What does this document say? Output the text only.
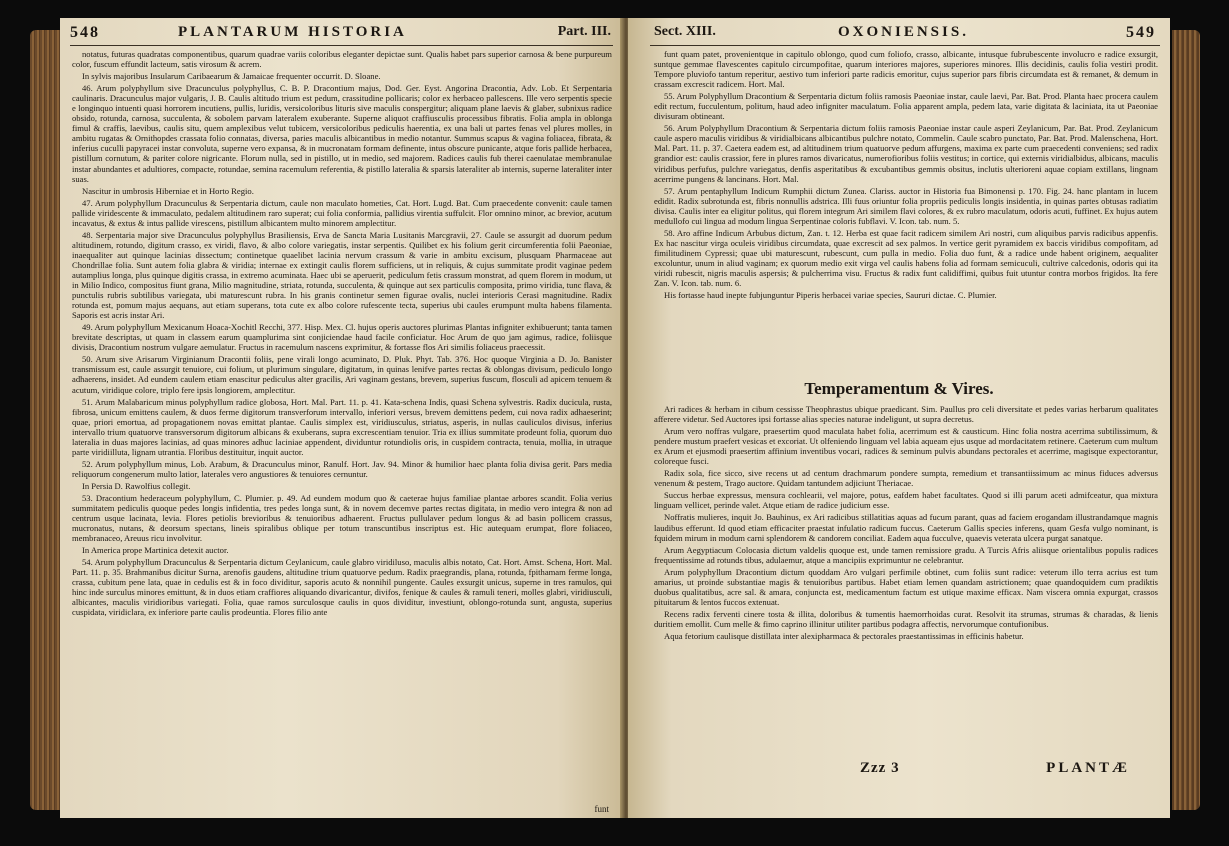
548	PLANTARUM HISTORIA	Part. III.

notatus, futuras quadratas componentibus, quarum quadrae variis coloribus eleganter depictae sunt. Qualis habet pars superior carnosa & bene purpureum color, fuscum effundit lacteum, satis virosum & acrem.

In sylvis majoribus Insularum Caribaearum & Jamaicae frequenter occurrit. D. Sloane.

46. Arum polyphyllum sive Dracunculus polyphyllus, C. B. P. Dracontium majus, Dod. Ger. Eyst. Angorina Dracontia, Adv. Lob. Et Serpentaria caulinaris. Dracunculus major vulgaris, J. B. Caulis altitudo trium est pedum, crassitudine pollicaris; color ex herbaceo pallescens. Ille vero serpentis specie e longinquo intuenti quasi horrorem incutiens, pullis, luridis, versicoloribus lituris sive maculis conspergitur; aliquam plane laevis & glaber, subnixus radice obsido, rotunda, carnosa, succulenta, & sobolem parvam lateralem exuberante. Superne aliquot craffiusculis processibus fibratis. Folia ampla in oblonga fimul & craffis, laevibus, caulis situ, quem amplexibus velut tubicem, versicoloribus pediculis haerentia, ex una bali ut partes fenas vel plures molles, in ambitu rugatas & Ornithopdes crassata folio connatas, diversa, paries maculis albicantibus in medio notantur. Summus scapus & vagina foliacea, fibrata, & inferius cuculli papyracei instar convoluta, superne vero expansa, & in mucronatam formam definente, intus obscure punicante, atque foris pallide herbacea, pistillum cornutum, & pariter colore nigricante. Florum nulla, sed in pistillo, ut in medio, sed majorem. Radices caulis fub therei caenulatae membranulae instar abundantes et adultiores, compacte, rotundae, semina racemulum referentia, & pistillo lateralia & sparsis lateraliter ab internis, superne lateraliter inter suas.

Nascitur in umbrosis Hiberniae et in Horto Regio.

47. Arum polyphyllum Dracunculus & Serpentaria dictum, caule non maculato hometies, Cat. Hort. Lugd. Bat. Cum praecedente convenit: caule tamen pallide viridescente & immaculato, pedalem altitudinem raro superat; cui folia conformia, pallidius virentia suffulcit. Flor omnino minor, ac brevior, acutum incavatus, & extus & intus pallide virescens, pistillum albicantem multo minorem amplectitur.

48. Serpentaria major sive Dracunculus polyphyllus Brasiliensis, Erva de Sancta Maria Lusitanis Marcgravii, 27. Caule se assurgit ad duorum pedum altitudinem, rotundo, digitum crasso, ex viridi, flavo, & albo colore variegatis, instar serpentis. Quilibet ex his folium gerit circumferentia folii Paeoniae, inaequaliter aut quinque lacinias dissectum; continetque quaelibet lacinia nervum crassum & varie in ambitu excisum, plusquam Pharmaceae aut Chondrillae folia. Sunt autem folia glabra & viridia; internae ex extingit caulis florem sufficiens, ut in reliquis, & cujus summitate prodit vaginae pedem autamplius longa, plus quinque digitis crassa, in extremo acuminata. Haec ubi se aperuerit, pediculum fetis crassum monstrat, ad quem florem in modum, ut in Milio Indico, compositus fiunt grana, Milio magnitudine, striata, rotunda, succulenta, & quinque aut sex particulis composita, primo viridia, tunc flava, & punctulis rubris subtilibus variegata, ubi maturescunt rubra. In his granis continetur semen figurae ovalis, nuclei interioris Cerasi magnitudine. Radix rotunda est, pomum majus aequans, aut etiam superans, tota cute ex albo colore rufescente tecta, superius ubi caules erumpunt multa habens filamenta. Saporis est acris instar Ari.

49. Arum polyphyllum Mexicanum Hoaca-Xochitl Recchi, 377. Hisp. Mex. Cl. hujus operis auctores plurimas Plantas infigniter exhibuerunt; tanta tamen brevitate descriptas, ut quam in classem earum quamplurima sint conjiciendae haud facile conficiatur. Hoc Arum de quo jam agimus, radice, foliisque divisis, Dracontium nostrum vulgare aemulatur. Fructus in racemulum nascens exprimitur, & fortasse flos Ari similis foliaceus praecessit.

50. Arum sive Arisarum Virginianum Dracontii foliis, pene virali longo acuminato, D. Pluk. Phyt. Tab. 376. Hoc quoque Virginia a D. Jo. Banister transmissum est, caule assurgit tenuiore, cui folium, ut plurimum singulare, digitatum, in quinas lenifve partes rectas & oblongas divisum, pediculo longo adhaerens, insidet. Ad eundem caulem etiam enascitur pediculus alter gracilis, Ari vaginam gestans, brevem, superius fuscum, flosculi ad apicem tenuem & acutum, viridique colore, triplo fere ipsis longiorem, amplectitur.

51. Arum Malabaricum minus polyphyllum radice globosa, Hort. Mal. Part. 11. p. 41. Kata-schena Indis, quasi Schena sylvestris. Radix ducicula, rusta, fibrosa, unicum emittens caulem, & duos ferme digitorum transverforum intervallo, inferiori versus, brevem demittens pedem, cui nova radix adhaeserint; quae, priori emortua, ad propagationem novas emittat plantae. Caulis simplex est, viridiusculus, striatus, asperis, in nullas cauliculos divisus, inferius intervallo trium quatuorve transversorum digitorum albicans & exuberans, supra excrescentiam tenuior. Tria ex illius summitate prodeunt folia, quorum duo lateralia in duas majores lacinias, ad quas minores adhuc laciniae appendent, dividuntur rotundiolis oris, in cuspidem contracta, tenuia, mollia, in utraque parte viridiilluta, lignam utrantia. Floribus destituitur, inquit auctor.

52. Arum polyphyllum minus, Lob. Arabum, & Dracunculus minor, Ranulf. Hort. Jav. 94. Minor & humilior haec planta folia divisa gerit. Pars media reliquorum congenerum multo latior, laterales vero angustiores & tenuiores cernuntur.

In Persia D. Rawolfius collegit.

53. Dracontium hederaceum polyphyllum, C. Plumier. p. 49. Ad eundem modum quo & caeterae hujus familiae plantae arbores scandit. Folia verius summitatem pediculis quoque pedes longis infidentia, tres pedes longa sunt, & in novem decemve partes rectas digitata, in medio vero integra & non ad centrum usque lacinata, levia. Flores petiolis brevioribus & tenuioribus adhaerent. Fructus pullulaver pedum longus & ad basin pollicem crassus, mucronatus, nutans, & deorsum spectans, lineis spiralibus oblique per totum transcuntibus inscriptus est. Hic autequam erumpat, flore foliaceo, membranaceo, Areuus ricu involvitur.

In America prope Martinica detexit auctor.

54. Arum polyphyllum Dracunculus & Serpentaria dictum Ceylanicum, caule glabro viridiluso, maculis albis notato, Cat. Hort. Amst. Schena, Hort. Mal. Part. 11. p. 35. Brahmanibus dicitur Surna, arenofis gaudens, altitudine trium quatuorve pedum. Radix praegrandis, plana, rotunda, fpithamam ferme longa, crassa, cubitum pene lata, quae in cedulis est & in foco dividitur, saporis acuto & nonnihil pungente. Caules exsurgit unicus, superne in tres ramulos, qui hinc inde surculus minores emittunt, & in duos etiam craffiores aliquando divaricantur, divifos, fenique & caules & ramuli teneri, molles glabri, viridiusculi, albicantes, maculis viridioribus variegati. Folia, quae ramos surculosque caulis in quos dividitur, investiunt, oblongo-rotunda sunt, angusta, superius cuspidata, viridiclara, ex inferiore parte caulis prodeuntia. Flores filio ante

funt
Sect. XIII.	OXONIENSIS.	549

funt quam patet, provenientque in capitulo oblongo, quod cum foliofo, crasso, albicante, intusque fubrubescente involucro e radice exsurgit, suntque gemmae flavescentes capitulo circumpofitae, quarum interiores majores, superiores minores. Illis decidinis, caulis folia vestiri prodit. Tempore pluviofo tantum reperitur, aestivo tum inferiori parte radicis emoritur, cujus superior pars fibris circumdata est & remanet, & demum in crassam excrescit radicem. Hort. Mal.

55. Arum Polyphyllum Dracontium & Serpentaria dictum foliis ramosis Paeoniae instar, caule laevi, Par. Bat. Prod. Planta haec procera caulem edit rectum, fucculentum, politum, haud adeo infigniter maculatum. Folia apparent ampla, pedem lata, varie digitata & laciniata, ita ut Paeoniae divisuram obtineant.

56. Arum Polyphyllum Dracontium & Serpentaria dictum foliis ramosis Paeoniae instar caule asperi Zeylanicum, Par. Bat. Prod. Zeylanicum caule aspero maculis viridibus & viridialbicans albicantibus pulchre notato, Commelin. Caule scabro punctato, Par. Bat. Prod. Malenschena, Hort. Mal. Part. 11. p. 37. Caetera eadem est, ad altitudinem trium quatuorve pedum affurgens, maxima ex parte cum praecedenti conveniens; sed radix grandior est: caulis crassior, fere in plures ramos divaricatus, numerofioribus foliis vestitus; in cortice, qui externis viridialbidus, albicans, maculis viridibus perfufus, pulchre variegatus, denfis asperitatibus & excubantibus gemmis obsitus, inclutis ulterioreni aquae copiam extillans, lingnam acerrime pungens & lancinans. Hort. Mal.

57. Arum pentaphyllum Indicum Rumphii dictum Zunea. Clariss. auctor in Historia fua Bimonensi p. 170. Fig. 24. hanc plantam in lucem edidit. Radix subrotunda est, fibris nonnullis adstrica. Illi fuus oriuntur folia propriis pediculis longis insidentia, in quinas partes obtusas radiatim divisa. Caulis inter ea eligitur politus, qui florem integrum Ari similem flavi colores, & ex rubro maculatum, odoris acuti, fuffinet. Ex hujus autem medullofo cui lingua ad modum lingua Serpentinae coloris fubflavi. V. Icon. tab. num. 5.

58. Aro affine Indicum Arbubus dictum, Zan. t. 12. Herba est quae facit radicem similem Ari nostri, cum aliquibus parvis radicibus appenfis. Ex hac nascitur virga oculeis viridibus circumdata, quae excrescit ad sex palmos. In vertice gerit pyramidem ex baccis viridibus compofitam, ad fimilitudinem Cypressi; quae ubi maturescunt, rubescunt, cum pulla in medio. Folia duo funt, & a radice unde habent originem, aequaliter excoluntur, unum in aliud vaginam; ex quorum medio exit virga vel caulis habens folia ad formam semicuculi, cultrive calcedonis, odoris qui ita viridi rubescit, nigris maculis aspersis; & pulcherrima visu. Fructus & radix funt calidiffimi, quibus fuit utuntur contra morbos frigidos. Ita fere Zan. V. Icon. tab. num. 6.

His fortasse haud inepte fubjunguntur Piperis herbacei variae species, Saururi dictae. C. Plumier.

Temperamentum & Vires.

Ari radices & herbam in cibum cessisse Theophrastus ubique praedicant. Sim. Paullus pro celi diversitate et pedes varias herbarum qualitates afferere videtur. Sed Auctores ipsi fortasse alias species naturae indeligunt, ut supra decretus.

Arum vero noffras vulgare, praesertim quod maculata habet folia, acerrimum est & causticum. Hinc folia nostra acerrima subtilissimum, & pendere mustum praefert vesicas et excoriat. Ut olfeniendo linguam vel labia aqueam ejus usque ad mordacitatem retinere. Caeterum cum multum ex Arum et ejusmodi praesertim affinium inventibus vocari, radices & seminum pulvis abundans pectorales et acerrime, magisque expectorantur, coloreque fusci.

Radix sola, fice sicco, sive recens ut ad centum drachmarum pondere sumpta, remedium et transantiissimum ac minus fiduces adversus venenum & pestem, Trago auctore. Quidam tantundem adjiciunt Theriacae.

Succus herbae expressus, mensura cochlearii, vel majore, potus, eafdem habet facultates. Quod si illi parum aceti admifceatur, qua mixtura linguam vellicet, perinde valet. Atque etiam de radice judicium esse.

Noffratis mulieres, inquit Jo. Bauhinus, ex Ari radicibus stillatitias aquas ad fucum parant, quas ad faciem erogandam illustrandamque magnis laudibus efferunt. Id quod etiam efficaciter praestat infulatio radicum fuccus. Caeterum Gallis species inferens, quam Gesfa vulgo nominant, is fquidem mirum in modum carni splendorem & candorem conciliat. Eadem aqua fucculve, quaevis veterata ulcera purgat sanatque.

Arum Aegyptiacum Colocasia dictum valdelis quoque est, unde tamen remissiore gradu. A Turcis Afris aliisque orientalibus populis radices frequentissime ad rotunds tibus, adulaemur, atque a mancipiis exprimuntur ne celebrantur.

Arum polyphyllum Dracontium dictum quoddam Aro vulgari perfimile obtinet, cum foliis sunt radice: veterum illo terra acrius est tum amarius, ut proinde substantiae magis & tenuioribus partibus. Habet etiam lemen quandam astrictionem; quae quandoquidem cum pradiktis duobus qualitatibus, acre sal. & amara, conjuncta est, medicamentum factum est utique maxime efficax. Nam viscera omnia expurgat, crassos pituitarum & lentos fuccos extenuat.

Recens radix ferventi cinere tosta & illita, doloribus & tumentis haemorrhoidas curat. Resolvit ita strumas, strumas & charadas, & lienis duritiem emollit. Cum melle & fimo caprino illinitur utiliter partibus podagra affectis, nervorumque contufionibus.

Aqua fetorium caulisque distillata inter alexipharmaca & pectorales praestantissimas in efficinis habetur.

Zzz 3	PLANTÆ
